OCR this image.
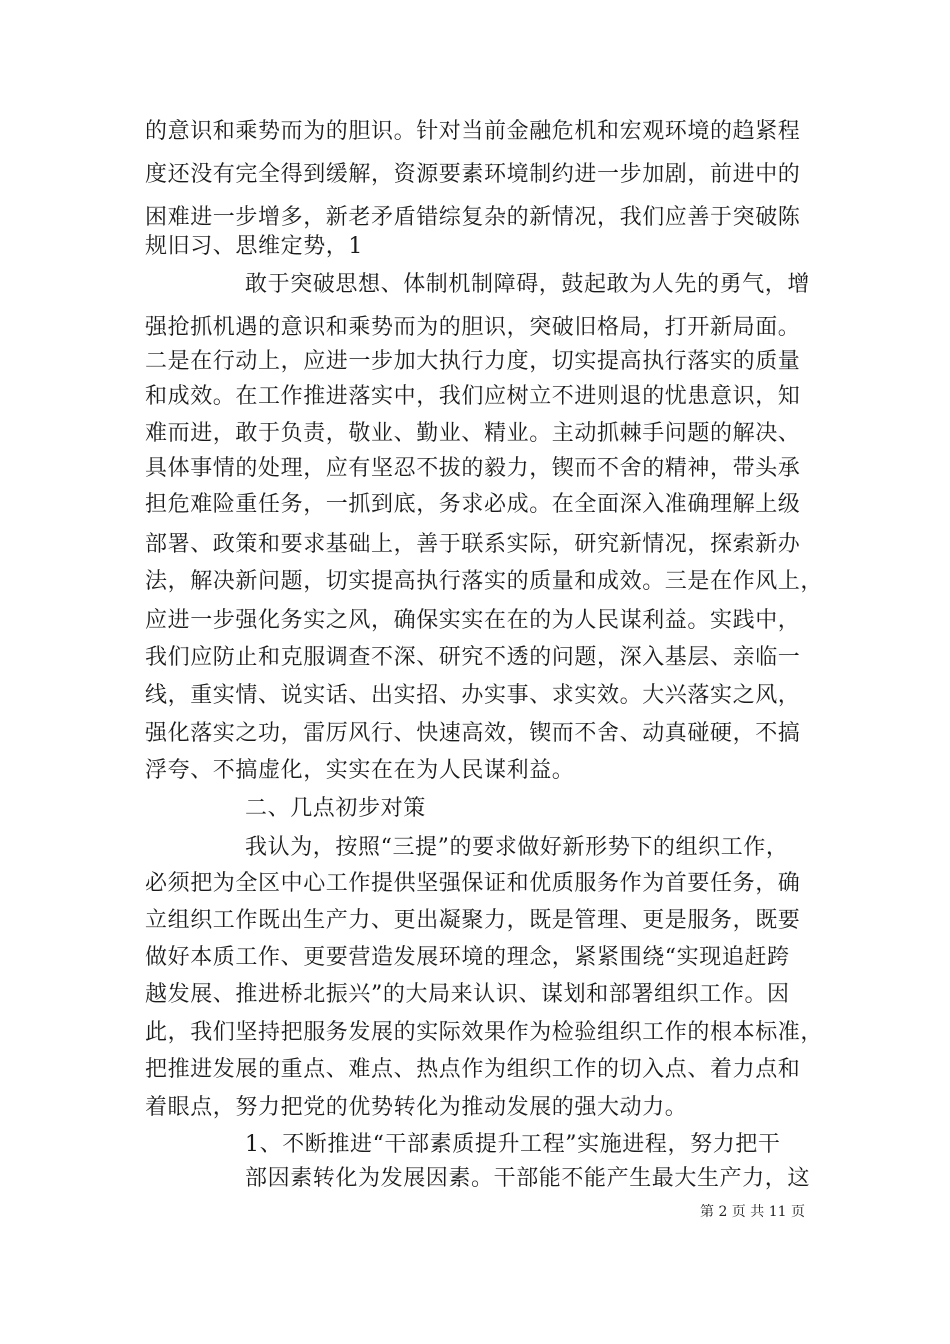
的意识和乘势而为的胆识。针对当前金融危机和宏观环境的趋紧程
度还没有完全得到缓解，资源要素环境制约进一步加剧，前进中的
困难进一步增多，新老矛盾错综复杂的新情况，我们应善于突破陈
规旧习、思维定势，1
敢于突破思想、体制机制障碍，鼓起敢为人先的勇气，增
强抢抓机遇的意识和乘势而为的胆识，突破旧格局，打开新局面。
二是在行动上，应进一步加大执行力度，切实提高执行落实的质量
和成效。在工作推进落实中，我们应树立不进则退的忧患意识，知
难而进，敢于负责，敬业、勤业、精业。主动抓棘手问题的解决、
具体事情的处理，应有坚忍不拔的毅力，锲而不舍的精神，带头承
担危难险重任务，一抓到底，务求必成。在全面深入准确理解上级
部署、政策和要求基础上，善于联系实际，研究新情况，探索新办
法，解决新问题，切实提高执行落实的质量和成效。三是在作风上，
应进一步强化务实之风，确保实实在在的为人民谋利益。实践中，
我们应防止和克服调查不深、研究不透的问题，深入基层、亲临一
线，重实情、说实话、出实招、办实事、求实效。大兴落实之风，
强化落实之功，雷厉风行、快速高效，锲而不舍、动真碰硬，不搞
浮夸、不搞虚化，实实在在为人民谋利益。
二、几点初步对策
我认为，按照“三提”的要求做好新形势下的组织工作，
必须把为全区中心工作提供坚强保证和优质服务作为首要任务，确
立组织工作既出生产力、更出凝聚力，既是管理、更是服务，既要
做好本质工作、更要营造发展环境的理念，紧紧围绕“实现追赶跨
越发展、推进桥北振兴”的大局来认识、谋划和部署组织工作。因
此，我们坚持把服务发展的实际效果作为检验组织工作的根本标准，
把推进发展的重点、难点、热点作为组织工作的切入点、着力点和
着眼点，努力把党的优势转化为推动发展的强大动力。
1、不断推进“干部素质提升工程”实施进程，努力把干
部因素转化为发展因素。干部能不能产生最大生产力，这
第 2 页 共 11 页
